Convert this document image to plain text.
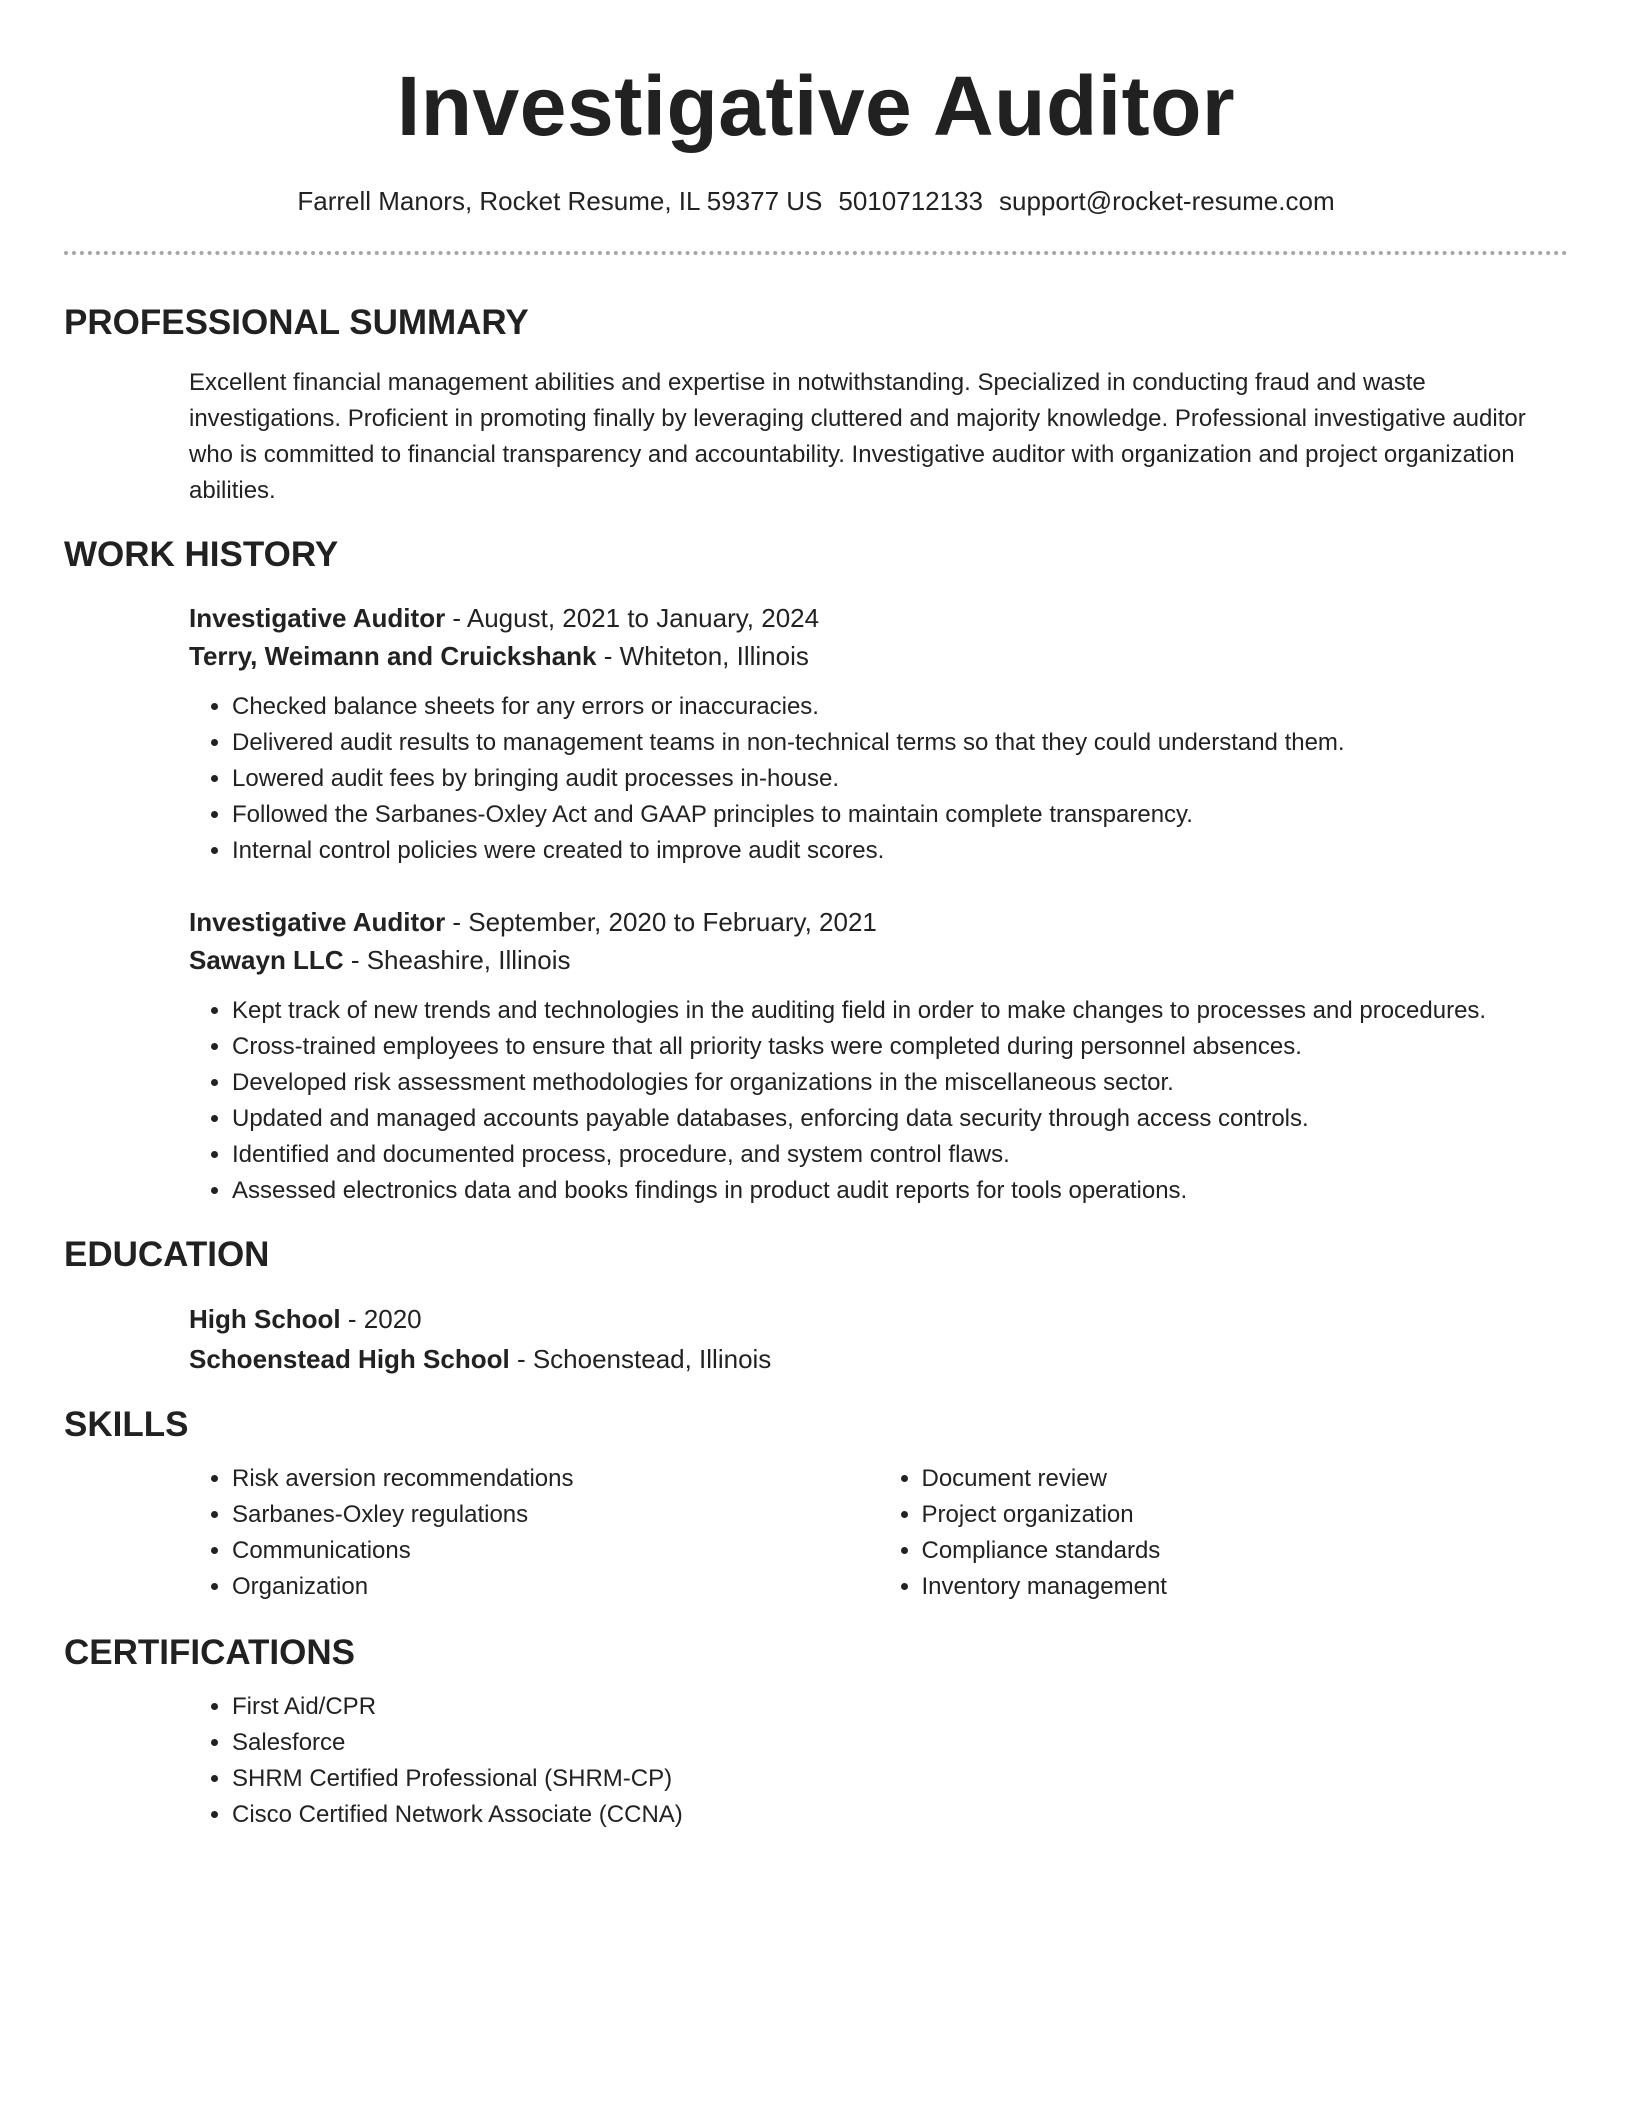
Investigative Auditor
Farrell Manors, Rocket Resume, IL 59377 US 5010712133 support@rocket-resume.com
PROFESSIONAL SUMMARY

Excellent financial management abilities and expertise in notwithstanding. Specialized in conducting fraud and waste investigations. Proficient in promoting finally by leveraging cluttered and majority knowledge. Professional investigative auditor who is committed to financial transparency and accountability. Investigative auditor with organization and project organization abilities.

WORK HISTORY
Investigative Auditor - August, 2021 to January, 2024
Terry, Weimann and Cruickshank - Whiteton, Illinois
• Checked balance sheets for any errors or inaccuracies.
• Delivered audit results to management teams in non-technical terms so that they could understand them.
• Lowered audit fees by bringing audit processes in-house.
• Followed the Sarbanes-Oxley Act and GAAP principles to maintain complete transparency.
• Internal control policies were created to improve audit scores.
Investigative Auditor - September, 2020 to February, 2021
Sawayn LLC - Sheashire, Illinois
• Kept track of new trends and technologies in the auditing field in order to make changes to processes and procedures.
• Cross-trained employees to ensure that all priority tasks were completed during personnel absences.
• Developed risk assessment methodologies for organizations in the miscellaneous sector.
• Updated and managed accounts payable databases, enforcing data security through access controls.
• Identified and documented process, procedure, and system control flaws.
• Assessed electronics data and books findings in product audit reports for tools operations.
EDUCATION
High School - 2020
Schoenstead High School - Schoenstead, Illinois
SKILLS
• Risk aversion recommendations
• Sarbanes-Oxley regulations
• Communications
• Organization
• Document review
• Project organization
• Compliance standards
• Inventory management
CERTIFICATIONS
• First Aid/CPR
• Salesforce
• SHRM Certified Professional (SHRM-CP)
• Cisco Certified Network Associate (CCNA)
